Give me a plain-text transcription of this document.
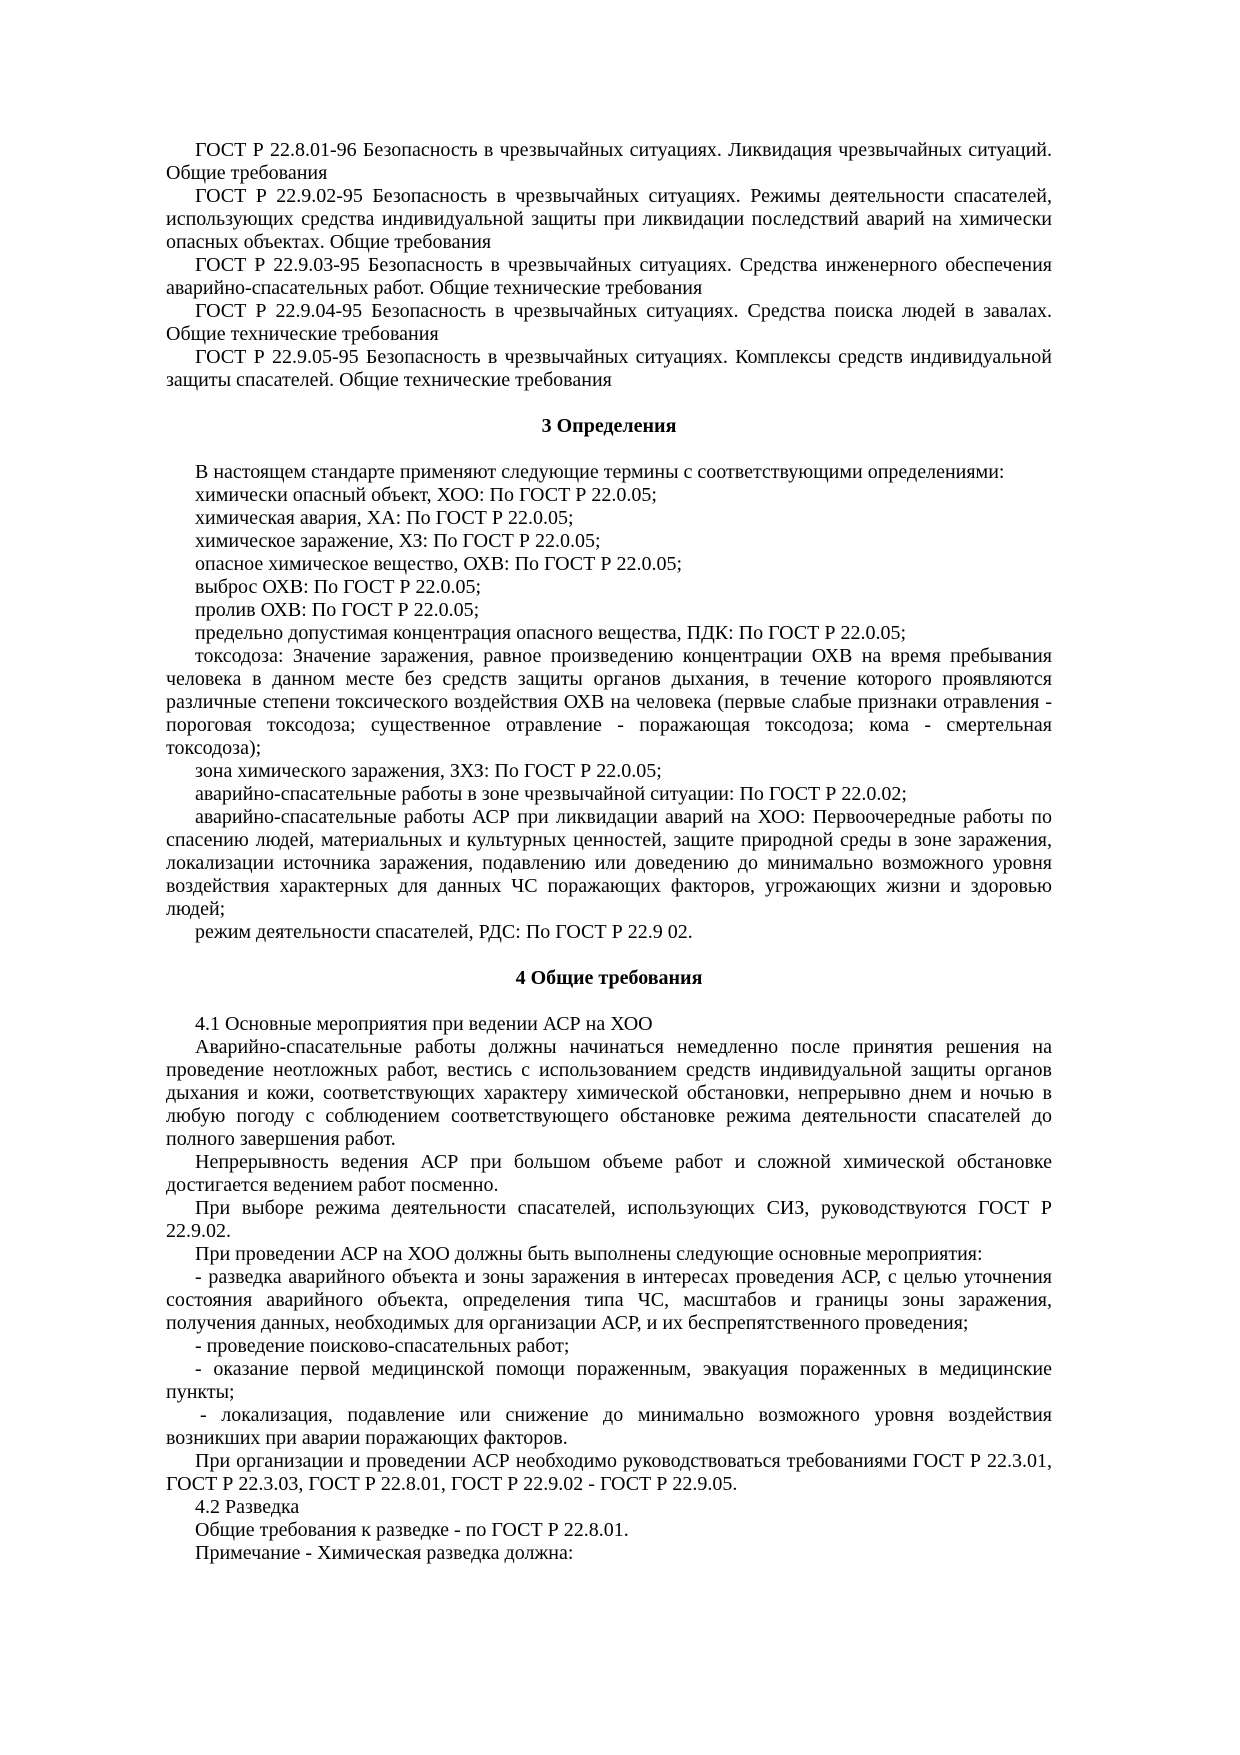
ГОСТ Р 22.8.01-96 Безопасность в чрезвычайных ситуациях. Ликвидация чрезвычайных ситуаций. Общие требования

ГОСТ Р 22.9.02-95 Безопасность в чрезвычайных ситуациях. Режимы деятельности спасателей, использующих средства индивидуальной защиты при ликвидации последствий аварий на химически опасных объектах. Общие требования

ГОСТ Р 22.9.03-95 Безопасность в чрезвычайных ситуациях. Средства инженерного обеспечения аварийно-спасательных работ. Общие технические требования

ГОСТ Р 22.9.04-95 Безопасность в чрезвычайных ситуациях. Средства поиска людей в завалах. Общие технические требования

ГОСТ Р 22.9.05-95 Безопасность в чрезвычайных ситуациях. Комплексы средств индивидуальной защиты спасателей. Общие технические требования

3 Определения

В настоящем стандарте применяют следующие термины с соответствующими определениями:

химически опасный объект, ХОО: По ГОСТ Р 22.0.05;

химическая авария, ХА: По ГОСТ Р 22.0.05;

химическое заражение, ХЗ: По ГОСТ Р 22.0.05;

опасное химическое вещество, ОХВ: По ГОСТ Р 22.0.05;

выброс ОХВ: По ГОСТ Р 22.0.05;

пролив ОХВ: По ГОСТ Р 22.0.05;

предельно допустимая концентрация опасного вещества, ПДК: По ГОСТ Р 22.0.05;

токсодоза: Значение заражения, равное произведению концентрации ОХВ на время пребывания человека в данном месте без средств защиты органов дыхания, в течение которого проявляются различные степени токсического воздействия ОХВ на человека (первые слабые признаки отравления - пороговая токсодоза; существенное отравление - поражающая токсодоза; кома - смертельная токсодоза);

зона химического заражения, ЗХЗ: По ГОСТ Р 22.0.05;

аварийно-спасательные работы в зоне чрезвычайной ситуации: По ГОСТ Р 22.0.02;

аварийно-спасательные работы АСР при ликвидации аварий на ХОО: Первоочередные работы по спасению людей, материальных и культурных ценностей, защите природной среды в зоне заражения, локализации источника заражения, подавлению или доведению до минимально возможного уровня воздействия характерных для данных ЧС поражающих факторов, угрожающих жизни и здоровью людей;

режим деятельности спасателей, РДС: По ГОСТ Р 22.9 02.

4 Общие требования

4.1 Основные мероприятия при ведении АСР на ХОО

Аварийно-спасательные работы должны начинаться немедленно после принятия решения на проведение неотложных работ, вестись с использованием средств индивидуальной защиты органов дыхания и кожи, соответствующих характеру химической обстановки, непрерывно днем и ночью в любую погоду с соблюдением соответствующего обстановке режима деятельности спасателей до полного завершения работ.

Непрерывность ведения АСР при большом объеме работ и сложной химической обстановке достигается ведением работ посменно.

При выборе режима деятельности спасателей, использующих СИЗ, руководствуются ГОСТ Р 22.9.02.

При проведении АСР на ХОО должны быть выполнены следующие основные мероприятия:

- разведка аварийного объекта и зоны заражения в интересах проведения АСР, с целью уточнения состояния аварийного объекта, определения типа ЧС, масштабов и границы зоны заражения, получения данных, необходимых для организации АСР, и их беспрепятственного проведения;

- проведение поисково-спасательных работ;

- оказание первой медицинской помощи пораженным, эвакуация пораженных в медицинские пункты;

- локализация, подавление или снижение до минимально возможного уровня воздействия возникших при аварии поражающих факторов.

При организации и проведении АСР необходимо руководствоваться требованиями ГОСТ Р 22.3.01, ГОСТ Р 22.3.03, ГОСТ Р 22.8.01, ГОСТ Р 22.9.02 - ГОСТ Р 22.9.05.

4.2 Разведка

Общие требования к разведке - по ГОСТ Р 22.8.01.

Примечание - Химическая разведка должна:
